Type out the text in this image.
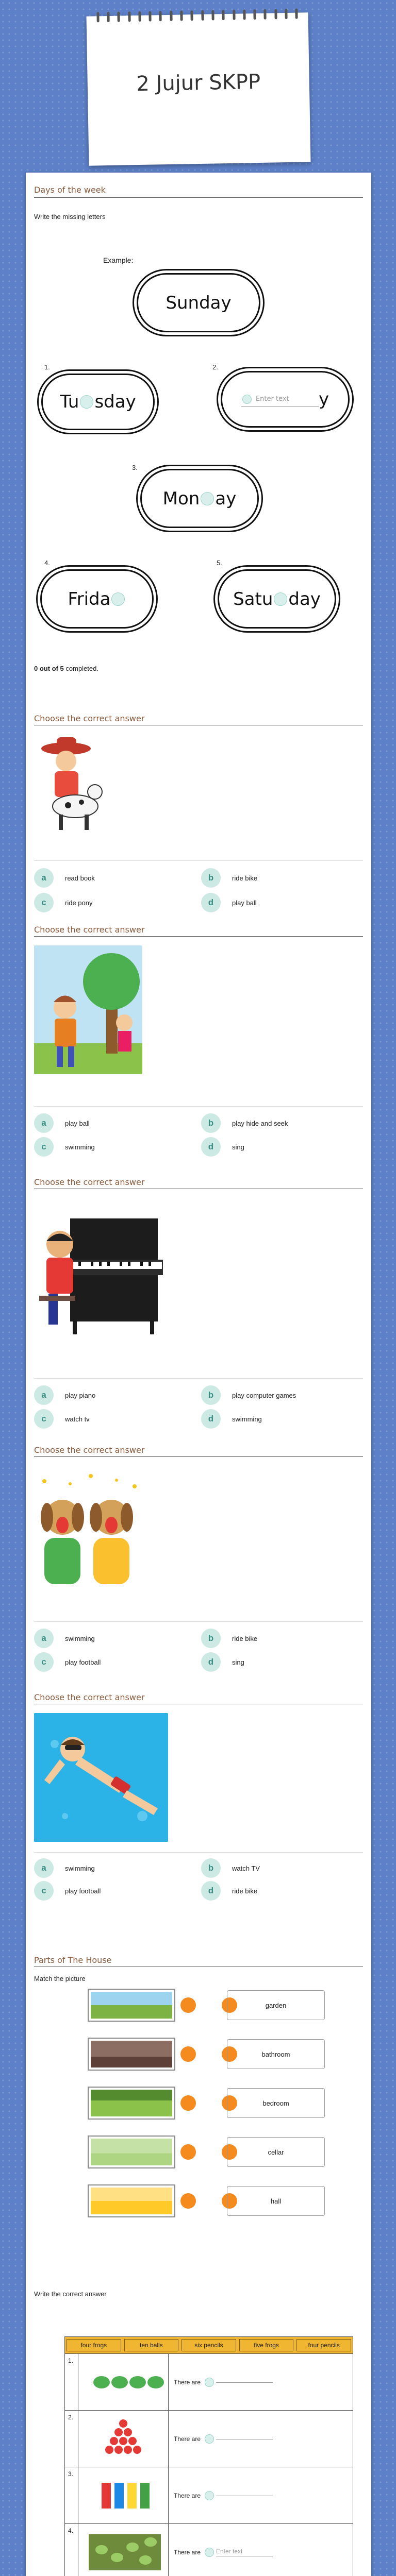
2 Jujur SKPP
Days of the week
Write the missing letters
Example:
Sunday
1.
Tu sday
2.
Enter text y
3.
Mon ay
4.
Frida
5.
Satu day
0 out of 5 completed.
Choose the correct answer
a	read book	b	ride bike
c	ride pony	d	play ball
Choose the correct answer
a	play ball	b	play hide and seek
c	swimming	d	sing
Choose the correct answer
a	play piano	b	play computer games
c	watch tv	d	swimming
Choose the correct answer
a	swimming	b	ride bike
c	play football	d	sing
Choose the correct answer
a	swimming	b	watch TV
c	play football	d	ride bike
Parts of The House
Match the picture
garden
bathroom
bedroom
cellar
hall
Write the correct answer
four frogs	ten balls	six pencils	five frogs	four pencils
1.
There are
2.
There are
3.
There are
4.
There are	Enter text
